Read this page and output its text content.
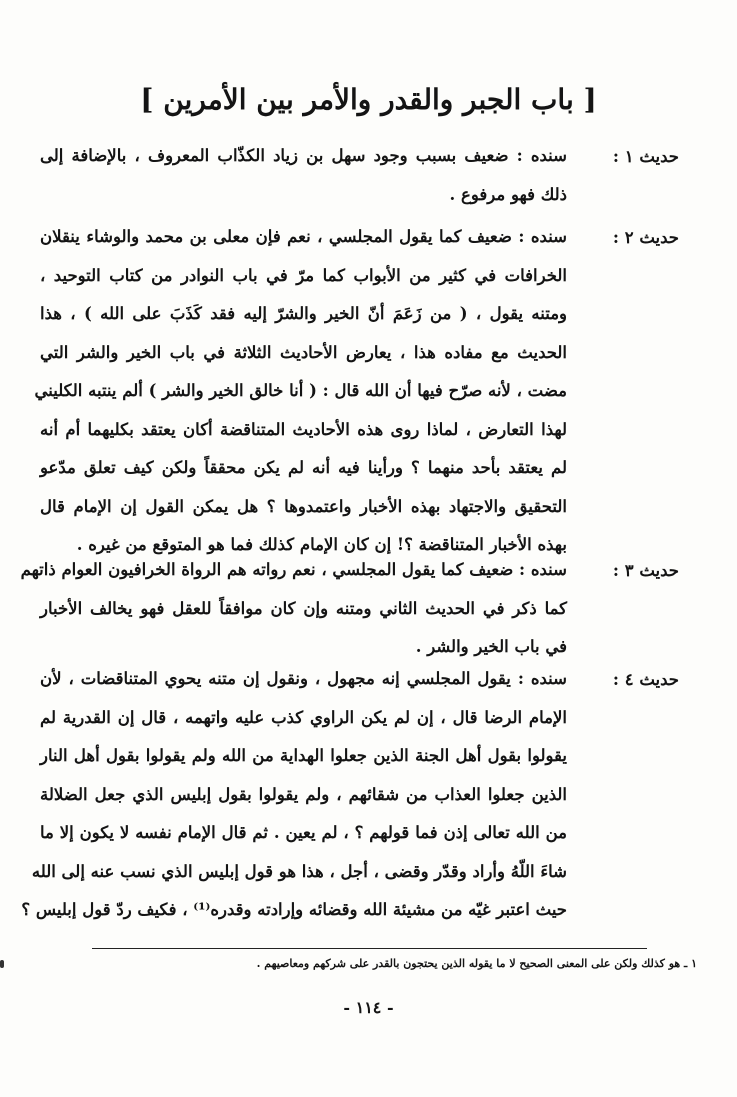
[ باب الجبر والقدر والأمر بين الأمرين ]
حديث ١ :
سنده : ضعيف بسبب وجود سهل بن زياد الكذّاب المعروف ، بالإضافة إلى
ذلك فهو مرفوع .
حديث ٢ :
سنده : ضعيف كما يقول المجلسي ، نعم فإن معلى بن محمد والوشاء ينقلان
الخرافات في كثير من الأبواب كما مرّ في باب النوادر من كتاب التوحيد ،
ومتنه يقول ، ( من زَعَمَ أنّ الخير والشرّ إليه فقد كَذَبَ على الله ) ، هذا
الحديث مع مفاده هذا ، يعارض الأحاديث الثلاثة في باب الخير والشر التي
مضت ، لأنه صرّح فيها أن الله قال : ( أنا خالق الخير والشر ) ألم ينتبه الكليني
لهذا التعارض ، لماذا روى هذه الأحاديث المتناقضة أكان يعتقد بكليهما أم أنه
لم يعتقد بأحد منهما ؟ ورأينا فيه أنه لم يكن محققاً ولكن كيف تعلق مدّعو
التحقيق والاجتهاد بهذه الأخبار واعتمدوها ؟ هل يمكن القول إن الإمام قال
بهذه الأخبار المتناقضة ؟! إن كان الإمام كذلك فما هو المتوقع من غيره .
حديث ٣ :
سنده : ضعيف كما يقول المجلسي ، نعم رواته هم الرواة الخرافيون العوام ذاتهم
كما ذكر في الحديث الثاني ومتنه وإن كان موافقاً للعقل فهو يخالف الأخبار
في باب الخير والشر .
حديث ٤ :
سنده : يقول المجلسي إنه مجهول ، ونقول إن متنه يحوي المتناقضات ، لأن
الإمام الرضا قال ، إن لم يكن الراوي كذب عليه واتهمه ، قال إن القدرية لم
يقولوا بقول أهل الجنة الذين جعلوا الهداية من الله ولم يقولوا بقول أهل النار
الذين جعلوا العذاب من شقائهم ، ولم يقولوا بقول إبليس الذي جعل الضلالة
من الله تعالى إذن فما قولهم ؟ ، لم يعين . ثم قال الإمام نفسه لا يكون إلا ما
شاءَ اللّهُ وأراد وقدّر وقضى ، أجل ، هذا هو قول إبليس الذي نسب عنه إلى الله
حيث اعتبر غيّه من مشيئة الله وقضائه وإرادته وقدره⁽¹⁾ ، فكيف ردّ قول إبليس ؟
١ ـ هو كذلك ولكن على المعنى الصحيح لا ما يقوله الذين يحتجون بالقدر على شركهم ومعاصيهم .
- ١١٤ -
